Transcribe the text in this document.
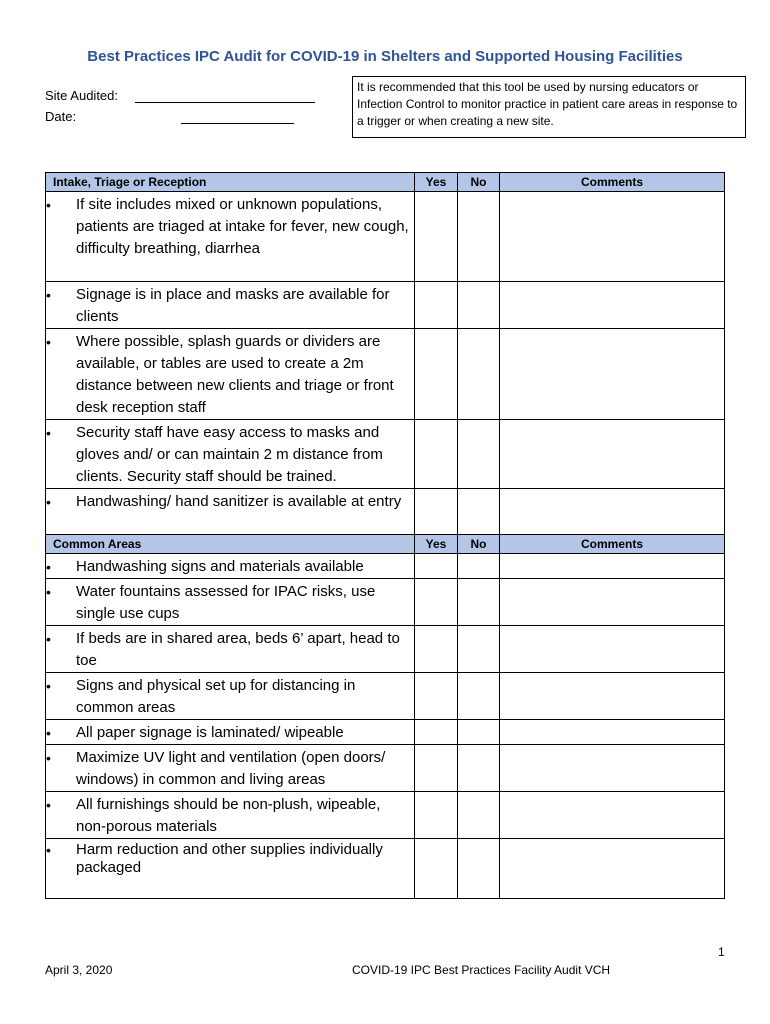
Best Practices IPC Audit for COVID-19 in Shelters and Supported Housing Facilities
Site Audited:
Date:
It is recommended that this tool be used by nursing educators or Infection Control to monitor practice in patient care areas in response to a trigger or when creating a new site.
Intake, Triage or Reception	Yes	No	Comments

• If site includes mixed or unknown populations, patients are triaged at intake for fever, new cough, difficulty breathing, diarrhea			

• Signage is in place and masks are available for clients			

• Where possible, splash guards or dividers are available, or tables are used to create a 2m distance between new clients and triage or front desk reception staff			

• Security staff have easy access to masks and gloves and/ or can maintain 2 m distance from clients. Security staff should be trained.			

• Handwashing/ hand sanitizer is available at entry			
Common Areas	Yes	No	Comments

• Handwashing signs and materials available			

• Water fountains assessed for IPAC risks, use single use cups			

• If beds are in shared area, beds 6’ apart, head to toe			

• Signs and physical set up for distancing in common areas			

• All paper signage is laminated/ wipeable			

• Maximize UV light and ventilation (open doors/ windows) in common and living areas			

• All furnishings should be non-plush, wipeable, non-porous materials			

• Harm reduction and other supplies individually packaged			
1
April 3, 2020	COVID-19 IPC Best Practices Facility Audit VCH
